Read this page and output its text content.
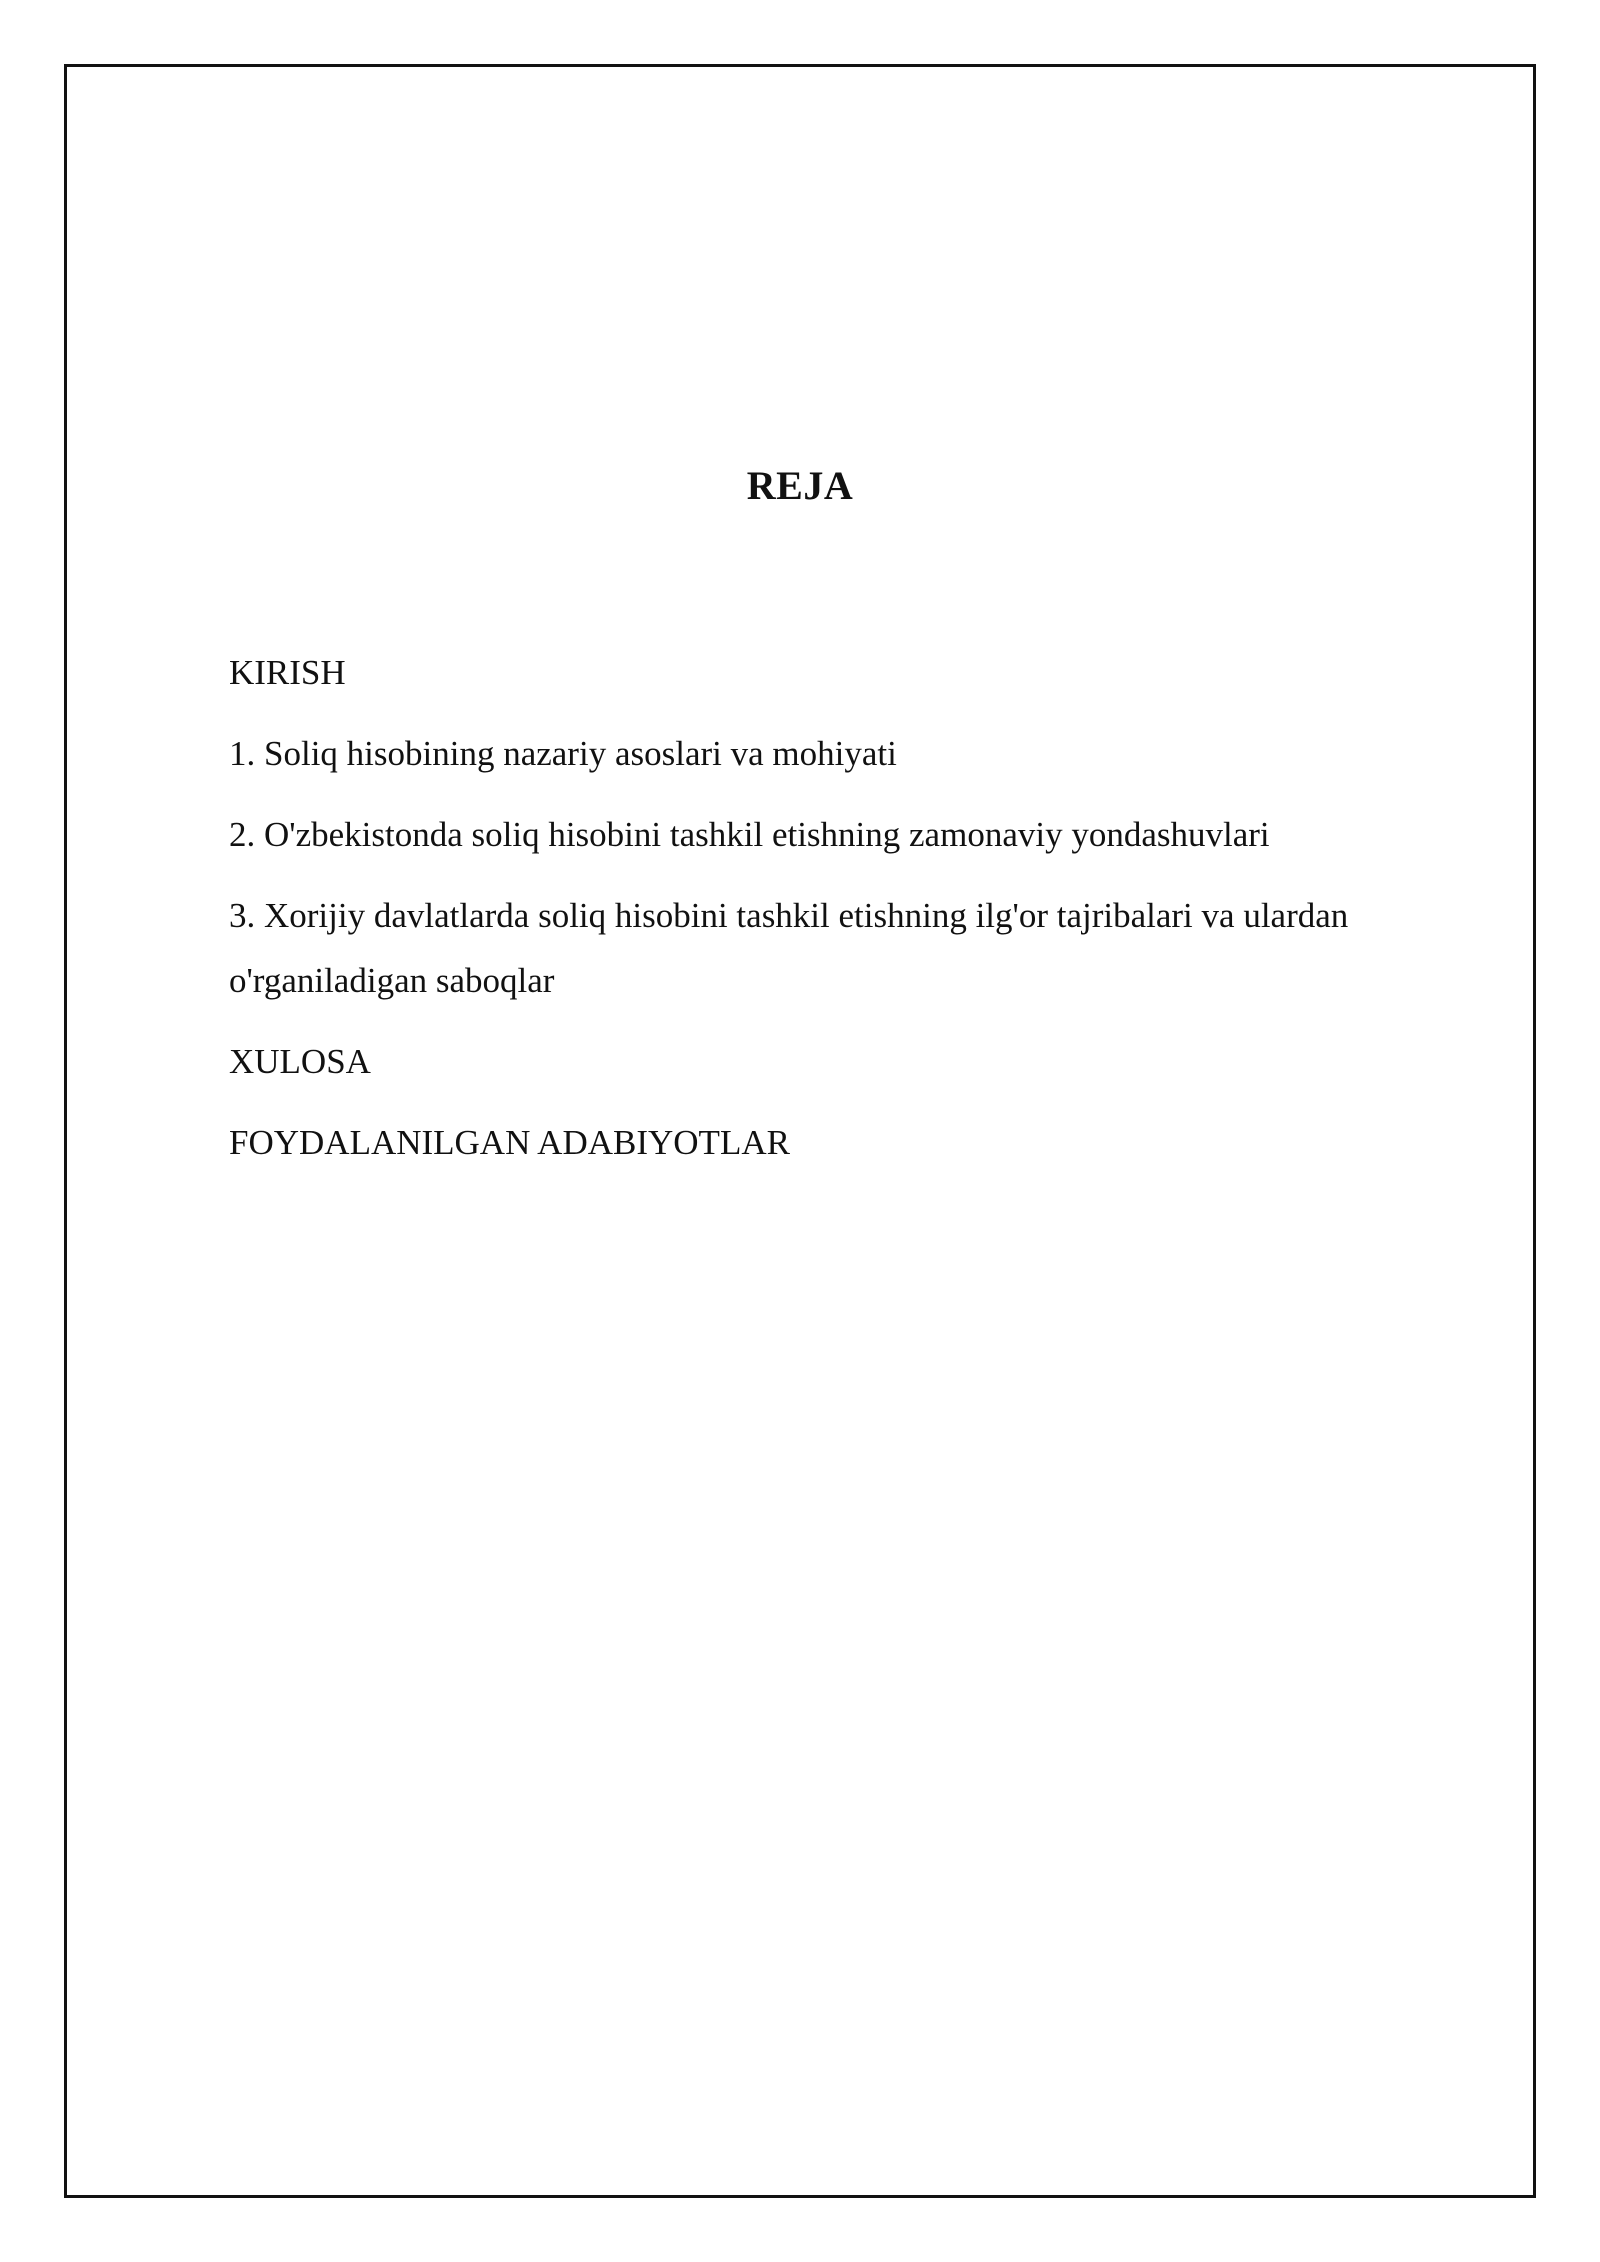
REJA
KIRISH
1. Soliq hisobining nazariy asoslari va mohiyati
2. O'zbekistonda soliq hisobini tashkil etishning zamonaviy yondashuvlari
3. Xorijiy davlatlarda soliq hisobini tashkil etishning ilg'or tajribalari va ulardan o'rganiladigan saboqlar
XULOSA
FOYDALANILGAN ADABIYOTLAR
